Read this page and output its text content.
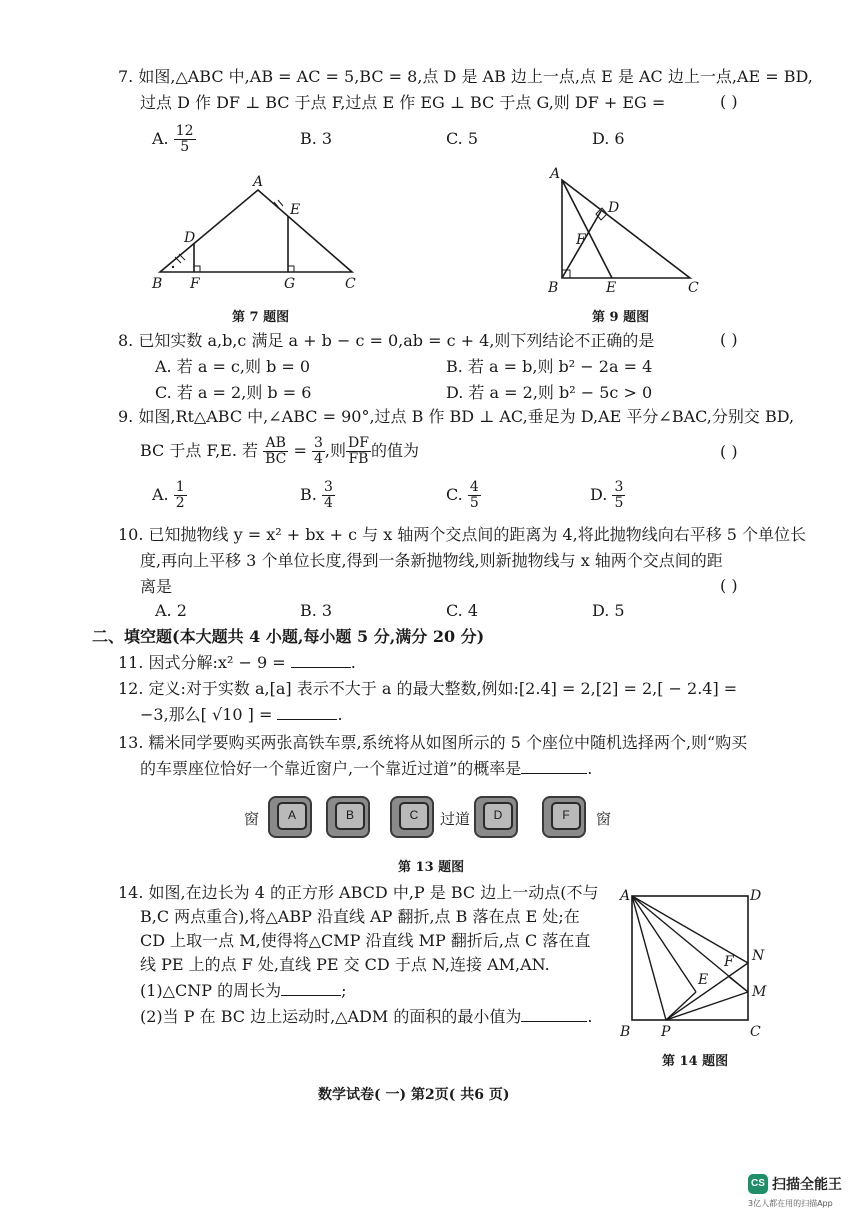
7. 如图,△ABC 中,AB = AC = 5,BC = 8,点 D 是 AB 边上一点,点 E 是 AC 边上一点,AE = BD,
过点 D 作 DF ⊥ BC 于点 F,过点 E 作 EG ⊥ BC 于点 G,则 DF + EG =	( )
A. $\frac{12}{5}$	B. 3	C. 5	D. 6
A
B	C
D
E
F	G
第 7 题图
A
B	C
D
E
F
第 9 题图
8. 已知实数 a,b,c 满足 a + b − c = 0,ab = c + 4,则下列结论不正确的是	( )
A. 若 a = c,则 b = 0	B. 若 a = b,则 b² − 2a = 4
C. 若 a = 2,则 b = 6	D. 若 a = 2,则 b² − 5c > 0
9. 如图,Rt△ABC 中,∠ABC = 90°,过点 B 作 BD ⊥ AC,垂足为 D,AE 平分∠BAC,分别交 BD,
BC 于点 F,E. 若 $\frac{AB}{BC} = \frac{3}{4}$ ,则 $\frac{DF}{FB}$ 的值为	( )
A. $\frac{1}{2}$	B. $\frac{3}{4}$	C. $\frac{4}{5}$	D. $\frac{3}{5}$
10. 已知抛物线 y = x² + bx + c 与 x 轴两个交点间的距离为 4,将此抛物线向右平移 5 个单位长
度,再向上平移 3 个单位长度,得到一条新抛物线,则新抛物线与 x 轴两个交点间的距
离是	( )
A. 2	B. 3	C. 4	D. 5
二、填空题(本大题共 4 小题,每小题 5 分,满分 20 分)
11. 因式分解:x² − 9 =	.
12. 定义:对于实数 a,[a] 表示不大于 a 的最大整数,例如:[2.4] = 2,[2] = 2,[ − 2.4] =
−3,那么[ √10 ] =	.
13. 糯米同学要购买两张高铁车票,系统将从如图所示的 5 个座位中随机选择两个,则“购买
的车票座位恰好一个靠近窗户,一个靠近过道”的概率是	.
窗	A	B	C	过道	D	F	窗
第 13 题图
14. 如图,在边长为 4 的正方形 ABCD 中,P 是 BC 边上一动点(不与
B,C 两点重合),将△ABP 沿直线 AP 翻折,点 B 落在点 E 处;在
CD 上取一点 M,使得将△CMP 沿直线 MP 翻折后,点 C 落在直
线 PE 上的点 F 处,直线 PE 交 CD 于点 N,连接 AM,AN.
(1)△CNP 的周长为	;
(2)当 P 在 BC 边上运动时,△ADM 的面积的最小值为	.
A	D
B	C
P
E
F N
M
第 14 题图
数学试卷( 一) 第2页( 共6 页)
CS 扫描全能王
3亿人都在用的扫描App
